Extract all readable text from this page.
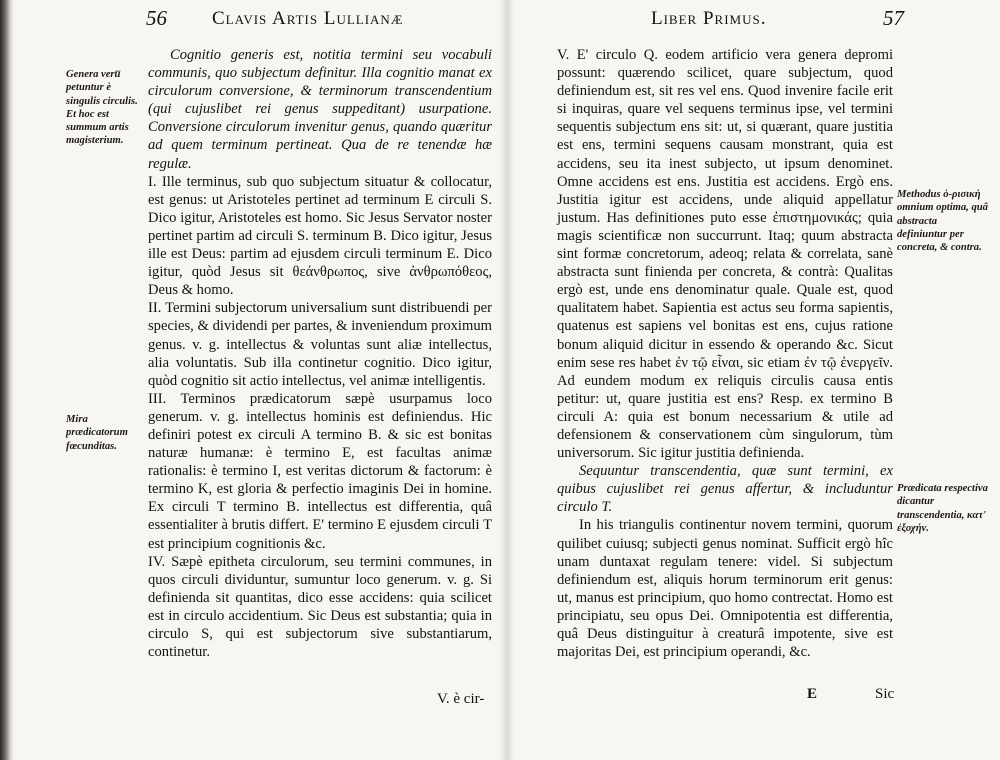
56 Clavis Artis Lullianæ
Genera veru̅ petuntur è singulis circulis. Et hoc est summum artis magisterium.
Mira prædicatorum fœcunditas.

Cognitio generis est, notitia termini seu vocabuli communis, quo subjectum definitur. Illa cognitio manat ex circulorum conversione, & terminorum transcendentium (qui cujuslibet rei genus suppeditant) usurpatione. Conversione circulorum invenitur genus, quando quæritur ad quem terminum pertineat. Qua de re tenendæ hæ regulæ.

I. Ille terminus, sub quo subjectum situatur & collocatur, est genus: ut Aristoteles pertinet ad terminum E circuli S. Dico igitur, Aristoteles est homo. Sic Jesus Servator noster pertinet partim ad circuli S. terminum B. Dico igitur, Jesus ille est Deus: partim ad ejusdem circuli terminum E. Dico igitur, quòd Jesus sit θεάνθρωπος, sive ἀνθρωπόθεος, Deus & homo.

II. Termini subjectorum universalium sunt distribuendi per species, & dividendi per partes, & inveniendum proximum genus. v. g. intellectus & voluntas sunt aliæ intellectus, alia voluntatis. Sub illa continetur cognitio. Dico igitur, quòd cognitio sit actio intellectus, vel animæ intelligentis.

III. Terminos prædicatorum sæpè usurpamus loco generum. v. g. intellectus hominis est definiendus. Hic definiri potest ex circuli A termino B. & sic est bonitas naturæ humanæ: è termino E, est facultas animæ rationalis: è termino I, est veritas dictorum & factorum: è termino K, est gloria & perfectio imaginis Dei in homine. Ex circuli T termino B. intellectus est differentia, quâ essentialiter à brutis differt. E' termino E ejusdem circuli T est principium cognitionis &c.

IV. Sæpè epitheta circulorum, seu termini communes, in quos circuli dividuntur, sumuntur loco generum. v. g. Si definienda sit quantitas, dico esse accidens: quia scilicet est in circulo accidentium. Sic Deus est substantia; quia in circulo S, qui est subjectorum sive substantiarum, continetur.

V. è cir-
Liber Primus.	57
Methodus ὁ-ρισικὴ omnium optima, quâ abstracta definiuntur per concreta, & contra.
Prædicata respectiva dicantur transcendentia, κατ' ἐξοχήν.

V. E' circulo Q. eodem artificio vera genera depromi possunt: quærendo scilicet, quare subjectum, quod definiendum est, sit res vel ens. Quod invenire facile erit si inquiras, quare vel sequens terminus ipse, vel termini sequentis subjectum ens sit: ut, si quærant, quare justitia est ens, termini sequens causam monstrant, quia est accidens, seu ita inest subjecto, ut ipsum denominet. Omne accidens est ens. Justitia est accidens. Ergò ens. Justitia igitur est accidens, unde aliquid appellatur justum. Has definitiones puto esse ἐπιστημονικάς; quia magis scientificæ non succurrunt. Itaq; quum abstracta sint formæ concretorum, adeoq; relata & correlata, sanè abstracta sunt finienda per concreta, & contrà: Qualitas ergò est, unde ens denominatur quale. Quale est, quod qualitatem habet. Sapientia est actus seu forma sapientis, quatenus est sapiens vel bonitas est ens, cujus ratione bonum aliquid dicitur in essendo & operando &c. Sicut enim sese res habet ἐν τῷ εἶναι, sic etiam ἐν τῷ ἐνεργεῖν. Ad eundem modum ex reliquis circulis causa entis petitur: ut, quare justitia est ens? Resp. ex termino B circuli A: quia est bonum necessarium & utile ad defensionem & conservationem cùm singulorum, tùm universorum. Sic igitur justitia definienda.

Sequuntur transcendentia, quæ sunt termini, ex quibus cujuslibet rei genus affertur, & includuntur circulo T.

In his triangulis continentur novem termini, quorum quilibet cuiusq; subjecti genus nominat. Sufficit ergò hîc unam duntaxat regulam tenere: videl. Si subjectum definiendum est, aliquis horum terminorum erit genus: ut, manus est principium, quo homo contrectat. Homo est principiatu, seu opus Dei. Omnipotentia est differentia, quâ Deus distinguitur à creaturâ impotente, sive est majoritas Dei, est principium operandi, &c.

E	Sic
